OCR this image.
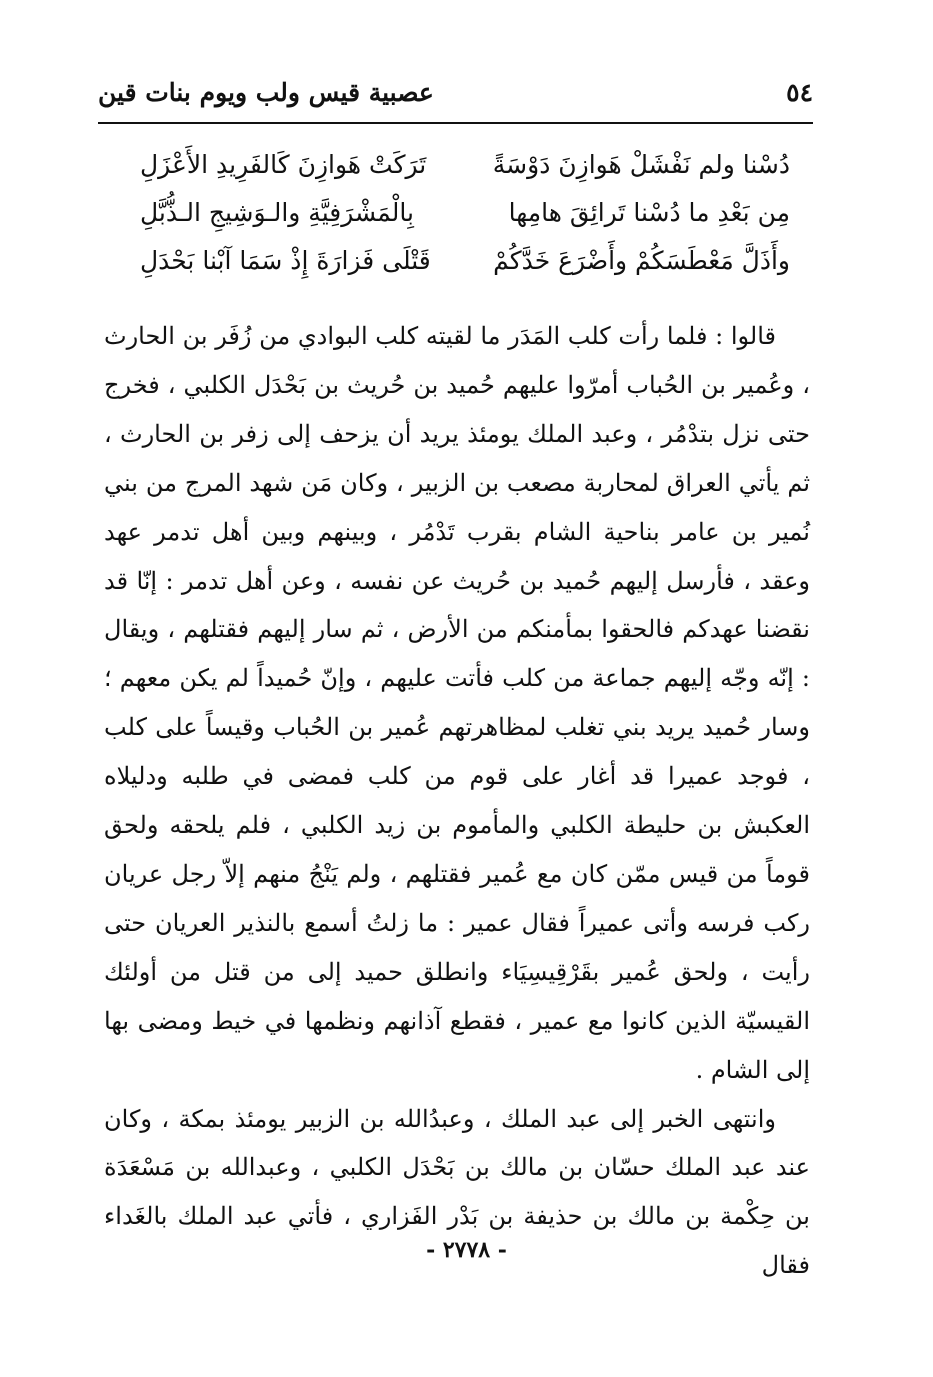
عصبية قيس ولب ويوم بنات قين	٥٤
دُسْنا ولم نَفْشَلْ هَوازِنَ دَوْسَةً
تَرَكَتْ هَوازِنَ كَالفَرِيدِ الأَعْزَلِ
مِن بَعْدِ ما دُسْنا تَرائِقَ هامِها
بِالْمَشْرَفِيَّةِ والـوَشِيجِ الـذُّبَّلِ
وأَذَلَّ مَعْطَسَكُمْ وأَضْرَعَ خَدَّكُمْ
قَتْلَى فَزارَةَ إِذْ سَمَا آبْنا بَحْدَلِ

قالوا : فلما رأت كلب المَدَر ما لقيته كلب البوادي من زُفَر بن الحارث ، وعُمير بن الحُباب أمرّوا عليهم حُميد بن حُريث بن بَحْدَل الكلبي ، فخرج حتى نزل بتدْمُر ، وعبد الملك يومئذ يريد أن يزحف إلى زفر بن الحارث ، ثم يأتي العراق لمحاربة مصعب بن الزبير ، وكان مَن شهد المرج من بني نُمير بن عامر بناحية الشام بقرب تَدْمُر ، وبينهم وبين أهل تدمر عهد وعقد ، فأرسل إليهم حُميد بن حُريث عن نفسه ، وعن أهل تدمر : إنّا قد نقضنا عهدكم فالحقوا بمأمنكم من الأرض ، ثم سار إليهم فقتلهم ، ويقال : إنّه وجّه إليهم جماعة من كلب فأتت عليهم ، وإنّ حُميداً لم يكن معهم ؛ وسار حُميد يريد بني تغلب لمظاهرتهم عُمير بن الحُباب وقيساً على كلب ، فوجد عميرا قد أغار على قوم من كلب فمضى في طلبه ودليلاه العكبش بن حليطة الكلبي والمأموم بن زيد الكلبي ، فلم يلحقه ولحق قوماً من قيس ممّن كان مع عُمير فقتلهم ، ولم يَنْجُ منهم إلاّ رجل عريان ركب فرسه وأتى عميراً فقال عمير : ما زلتُ أسمع بالنذير العريان حتى رأيت ، ولحق عُمير بقَرْقِيسِيَاء وانطلق حميد إلى من قتل من أولئك القيسيّة الذين كانوا مع عمير ، فقطع آذانهم ونظمها في خيط ومضى بها إلى الشام .

وانتهى الخبر إلى عبد الملك ، وعبدُالله بن الزبير يومئذ بمكة ، وكان عند عبد الملك حسّان بن مالك بن بَحْدَل الكلبي ، وعبدالله بن مَسْعَدَة بن حِكْمة بن مالك بن حذيفة بن بَدْر الفَزاري ، فأتي عبد الملك بالغَداء فقال

- ٢٧٧٨ -
